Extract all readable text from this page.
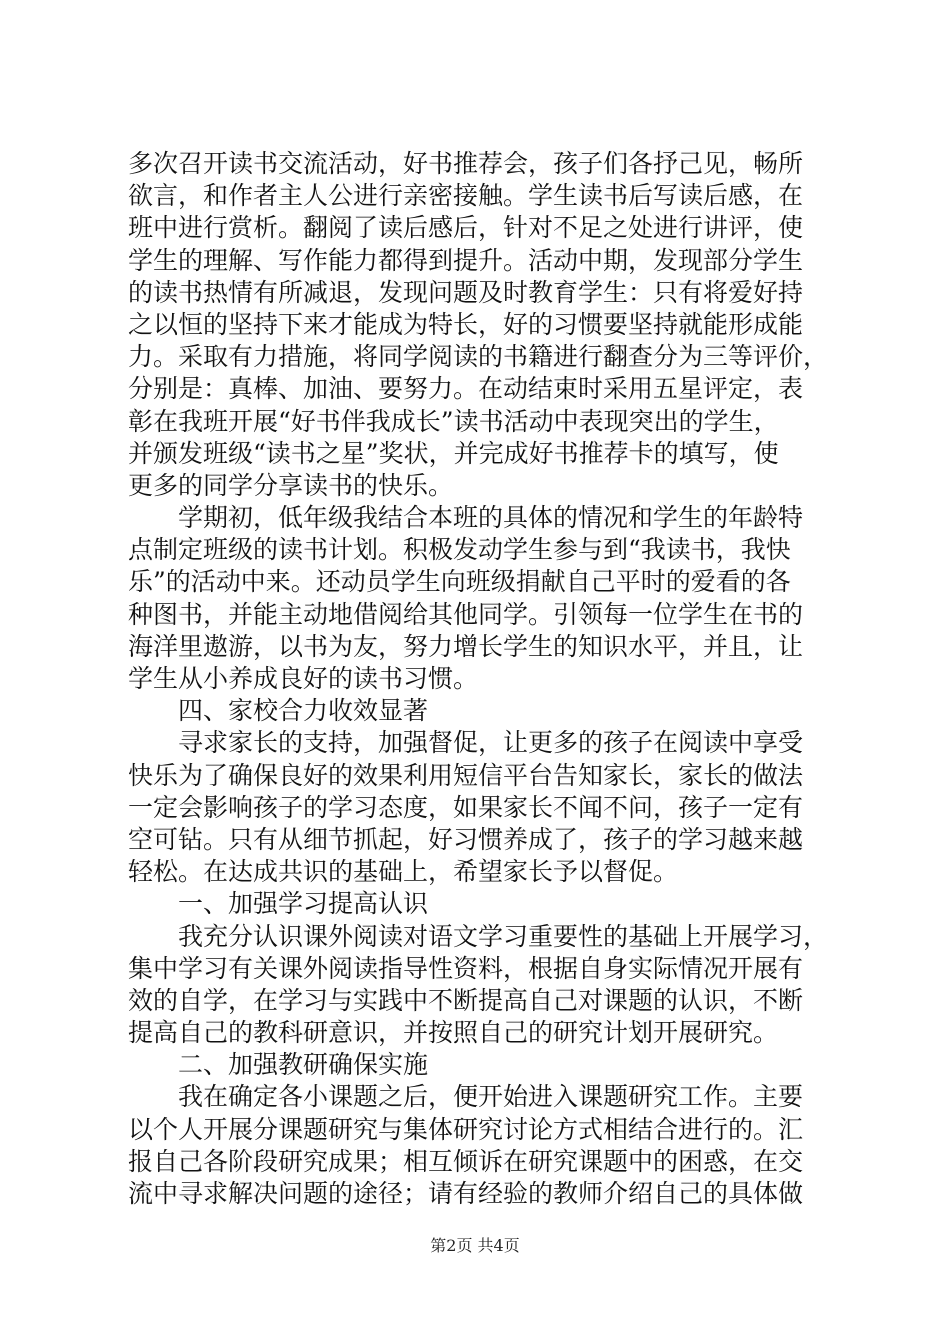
多次召开读书交流活动，好书推荐会，孩子们各抒己见，畅所
欲言，和作者主人公进行亲密接触。学生读书后写读后感，在
班中进行赏析。翻阅了读后感后，针对不足之处进行讲评，使
学生的理解、写作能力都得到提升。活动中期，发现部分学生
的读书热情有所减退，发现问题及时教育学生：只有将爱好持
之以恒的坚持下来才能成为特长，好的习惯要坚持就能形成能
力。采取有力措施，将同学阅读的书籍进行翻查分为三等评价，
分别是：真棒、加油、要努力。在动结束时采用五星评定，表
彰在我班开展“好书伴我成长”读书活动中表现突出的学生，
并颁发班级“读书之星”奖状，并完成好书推荐卡的填写，使
更多的同学分享读书的快乐。
学期初，低年级我结合本班的具体的情况和学生的年龄特
点制定班级的读书计划。积极发动学生参与到“我读书，我快
乐”的活动中来。还动员学生向班级捐献自己平时的爱看的各
种图书，并能主动地借阅给其他同学。引领每一位学生在书的
海洋里遨游，以书为友，努力增长学生的知识水平，并且，让
学生从小养成良好的读书习惯。
四、家校合力收效显著
寻求家长的支持，加强督促，让更多的孩子在阅读中享受
快乐为了确保良好的效果利用短信平台告知家长，家长的做法
一定会影响孩子的学习态度，如果家长不闻不问，孩子一定有
空可钻。只有从细节抓起，好习惯养成了，孩子的学习越来越
轻松。在达成共识的基础上，希望家长予以督促。
一、加强学习提高认识
我充分认识课外阅读对语文学习重要性的基础上开展学习，
集中学习有关课外阅读指导性资料，根据自身实际情况开展有
效的自学，在学习与实践中不断提高自己对课题的认识，不断
提高自己的教科研意识，并按照自己的研究计划开展研究。
二、加强教研确保实施
我在确定各小课题之后，便开始进入课题研究工作。主要
以个人开展分课题研究与集体研究讨论方式相结合进行的。汇
报自己各阶段研究成果；相互倾诉在研究课题中的困惑，在交
流中寻求解决问题的途径；请有经验的教师介绍自己的具体做
第2页 共4页
